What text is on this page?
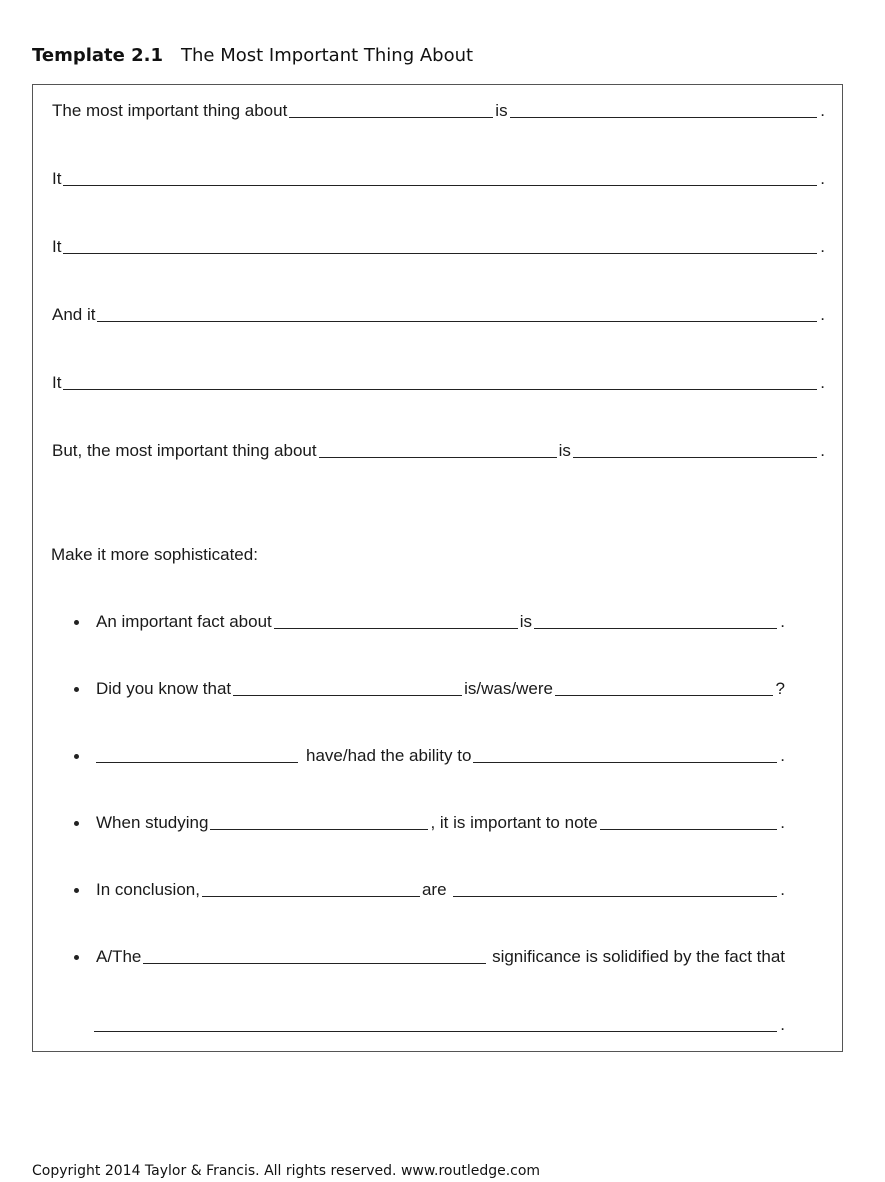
Template 2.1 The Most Important Thing About
The most important thing about	is	.
It	.
It	.
And it	.
It	.
But, the most important thing about	is	.
Make it more sophisticated:
An important fact about	is	.
Did you know that	is/was/were	?
have/had the ability to	.
When studying	, it is important to note	.
In conclusion,	are	.
A/The	significance is solidified by the fact that
.
Copyright 2014 Taylor & Francis. All rights reserved. www.routledge.com
